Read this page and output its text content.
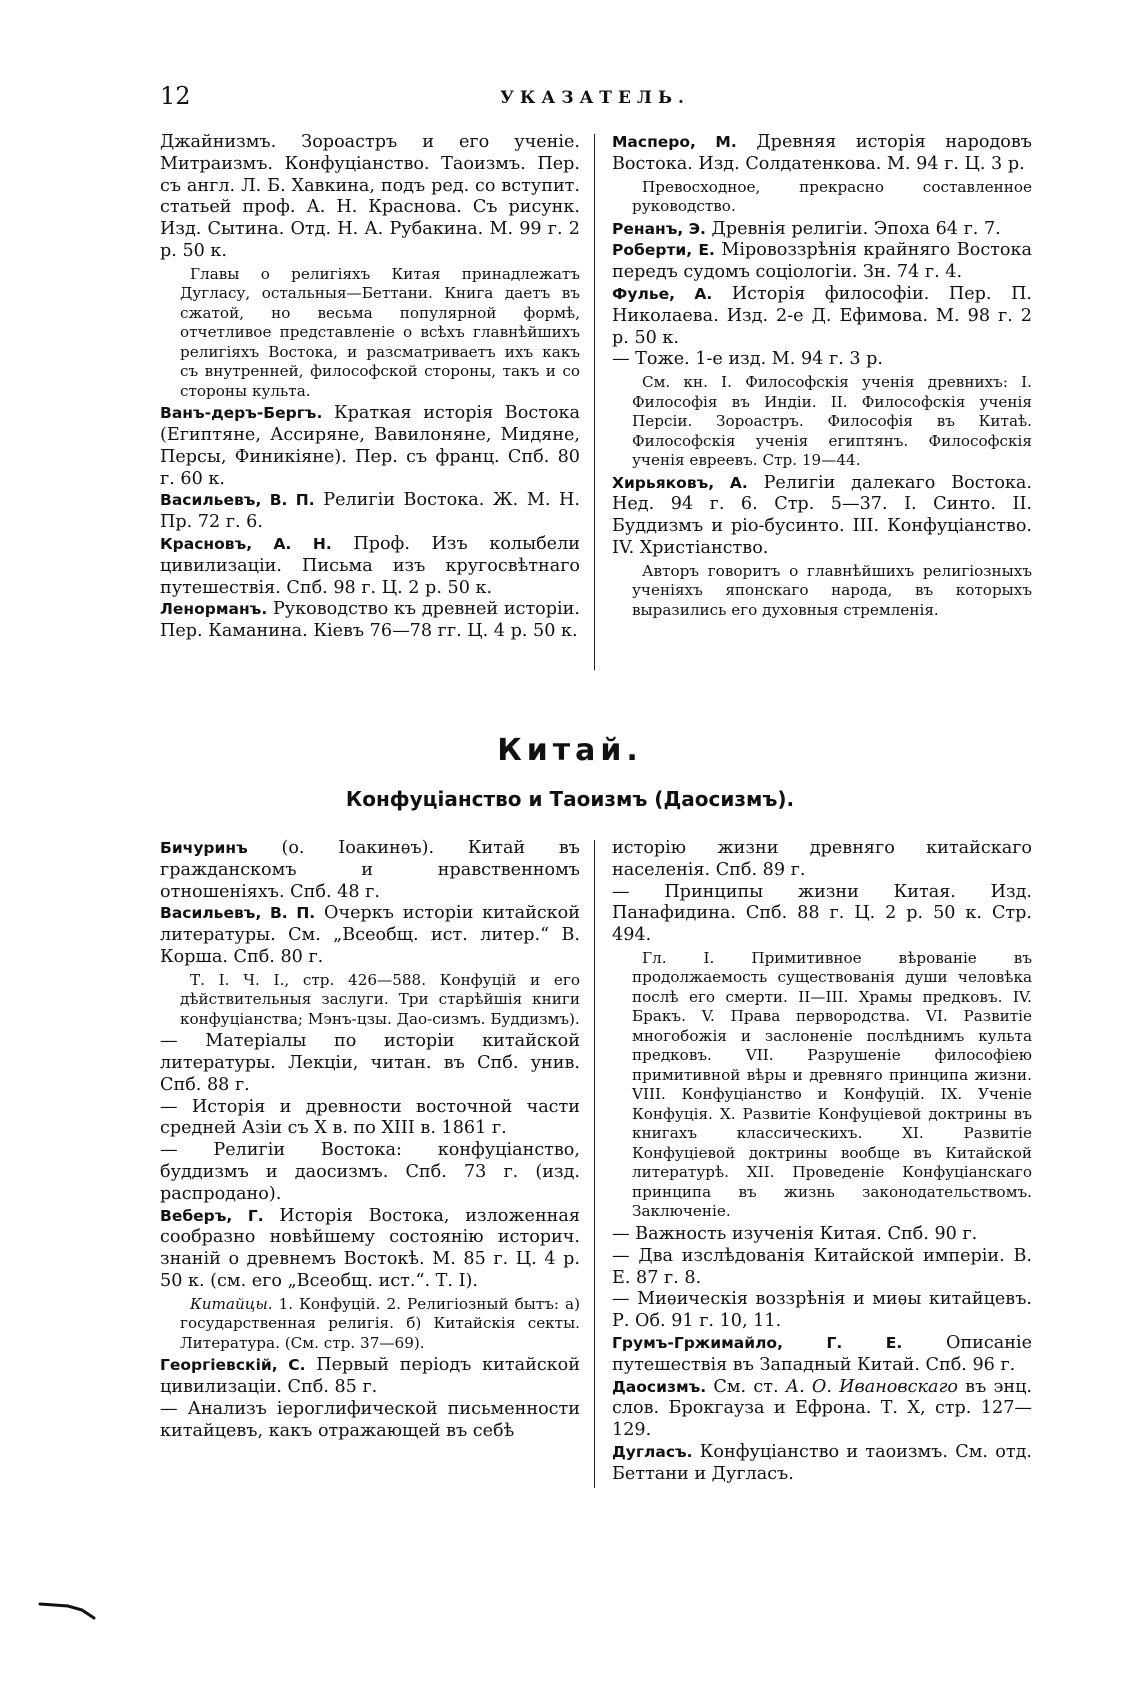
12	УКАЗАТЕЛЬ.

Джайнизмъ. Зороастръ и его ученіе. Митраизмъ. Конфуціанство. Таоизмъ. Пер. съ англ. Л. Б. Хавкина, подъ ред. со вступит. статьей проф. А. Н. Краснова. Съ рисунк. Изд. Сытина. Отд. Н. А. Рубакина. М. 99 г. 2 р. 50 к.

Главы о религіяхъ Китая принадлежатъ Дугласу, остальныя—Беттани. Книга даетъ въ сжатой, но весьма популярной формѣ, отчетливое представленіе о всѣхъ главнѣйшихъ религіяхъ Востока, и разсматриваетъ ихъ какъ съ внутренней, философской стороны, такъ и со стороны культа.

Ванъ-деръ-Бергъ. Краткая исторія Востока (Египтяне, Ассиряне, Вавилоняне, Мидяне, Персы, Финикіяне). Пер. съ франц. Спб. 80 г. 60 к.

Васильевъ, В. П. Религіи Востока. Ж. М. Н. Пр. 72 г. 6.

Красновъ, А. Н. Проф. Изъ колыбели цивилизаціи. Письма изъ кругосвѣтнаго путешествія. Спб. 98 г. Ц. 2 р. 50 к.

Ленорманъ. Руководство къ древней исторіи. Пер. Каманина. Кіевъ 76—78 гг. Ц. 4 р. 50 к.

Масперо, М. Древняя исторія народовъ Востока. Изд. Солдатенкова. М. 94 г. Ц. 3 р.

Превосходное, прекрасно составленное руководство.

Ренанъ, Э. Древнія религіи. Эпоха 64 г. 7.

Роберти, Е. Міровоззрѣнія крайняго Востока передъ судомъ соціологіи. Зн. 74 г. 4.

Фулье, А. Исторія философіи. Пер. П. Николаева. Изд. 2-е Д. Ефимова. М. 98 г. 2 р. 50 к.

— Тоже. 1-е изд. М. 94 г. 3 р.

См. кн. I. Философскія ученія древнихъ: I. Философія въ Индіи. II. Философскія ученія Персіи. Зороастръ. Философія въ Китаѣ. Философскія ученія египтянъ. Философскія ученія евреевъ. Стр. 19—44.

Хирьяковъ, А. Религіи далекаго Востока. Нед. 94 г. 6. Стр. 5—37. I. Синто. II. Буддизмъ и ріо-бусинто. III. Конфуціанство. IV. Христіанство.

Авторъ говоритъ о главнѣйшихъ религіозныхъ ученіяхъ японскаго народа, въ которыхъ выразились его духовныя стремленія.

Китай.
Конфуціанство и Таоизмъ (Даосизмъ).

Бичуринъ (о. Іоакинѳъ). Китай въ гражданскомъ и нравственномъ отношеніяхъ. Спб. 48 г.

Васильевъ, В. П. Очеркъ исторіи китайской литературы. См. „Всеобщ. ист. литер.“ В. Корша. Спб. 80 г.

Т. I. Ч. I., стр. 426—588. Конфуцій и его дѣйствительныя заслуги. Три старѣйшія книги конфуціанства; Мэнъ-цзы. Дао-сизмъ. Буддизмъ).

— Матеріалы по исторіи китайской литературы. Лекціи, читан. въ Спб. унив. Спб. 88 г.

— Исторія и древности восточной части средней Азіи съ X в. по XIII в. 1861 г.

— Религіи Востока: конфуціанство, буддизмъ и даосизмъ. Спб. 73 г. (изд. распродано).

Веберъ, Г. Исторія Востока, изложенная сообразно новѣйшему состоянію историч. знаній о древнемъ Востокѣ. М. 85 г. Ц. 4 р. 50 к. (см. его „Всеобщ. ист.“. Т. I).

Китайцы. 1. Конфуцій. 2. Религіозный бытъ: а) государственная религія. б) Китайскія секты. Литература. (См. стр. 37—69).

Георгіевскій, С. Первый періодъ китайской цивилизаціи. Спб. 85 г.

— Анализъ іероглифической письменности китайцевъ, какъ отражающей въ себѣ

исторію жизни древняго китайскаго населенія. Спб. 89 г.

— Принципы жизни Китая. Изд. Панафидина. Спб. 88 г. Ц. 2 р. 50 к. Стр. 494.

Гл. I. Примитивное вѣрованіе въ продолжаемость существованія души человѣка послѣ его смерти. II—III. Храмы предковъ. IV. Бракъ. V. Права первородства. VI. Развитіе многобожія и заслоненіе послѣднимъ культа предковъ. VII. Разрушеніе философіею примитивной вѣры и древняго принципа жизни. VIII. Конфуціанство и Конфуцій. IX. Ученіе Конфуція. X. Развитіе Конфуціевой доктрины въ книгахъ классическихъ. XI. Развитіе Конфуціевой доктрины вообще въ Китайской литературѣ. XII. Проведеніе Конфуціанскаго принципа въ жизнь законодательствомъ. Заключеніе.

— Важность изученія Китая. Спб. 90 г.

— Два изслѣдованія Китайской имперіи. В. Е. 87 г. 8.

— Миѳическія воззрѣнія и миѳы китайцевъ. Р. Об. 91 г. 10, 11.

Грумъ-Гржимайло, Г. Е. Описаніе путешествія въ Западный Китай. Спб. 96 г.

Даосизмъ. См. ст. А. О. Ивановскаго въ энц. слов. Брокгауза и Ефрона. Т. X, стр. 127—129.

Дугласъ. Конфуціанство и таоизмъ. См. отд. Беттани и Дугласъ.
